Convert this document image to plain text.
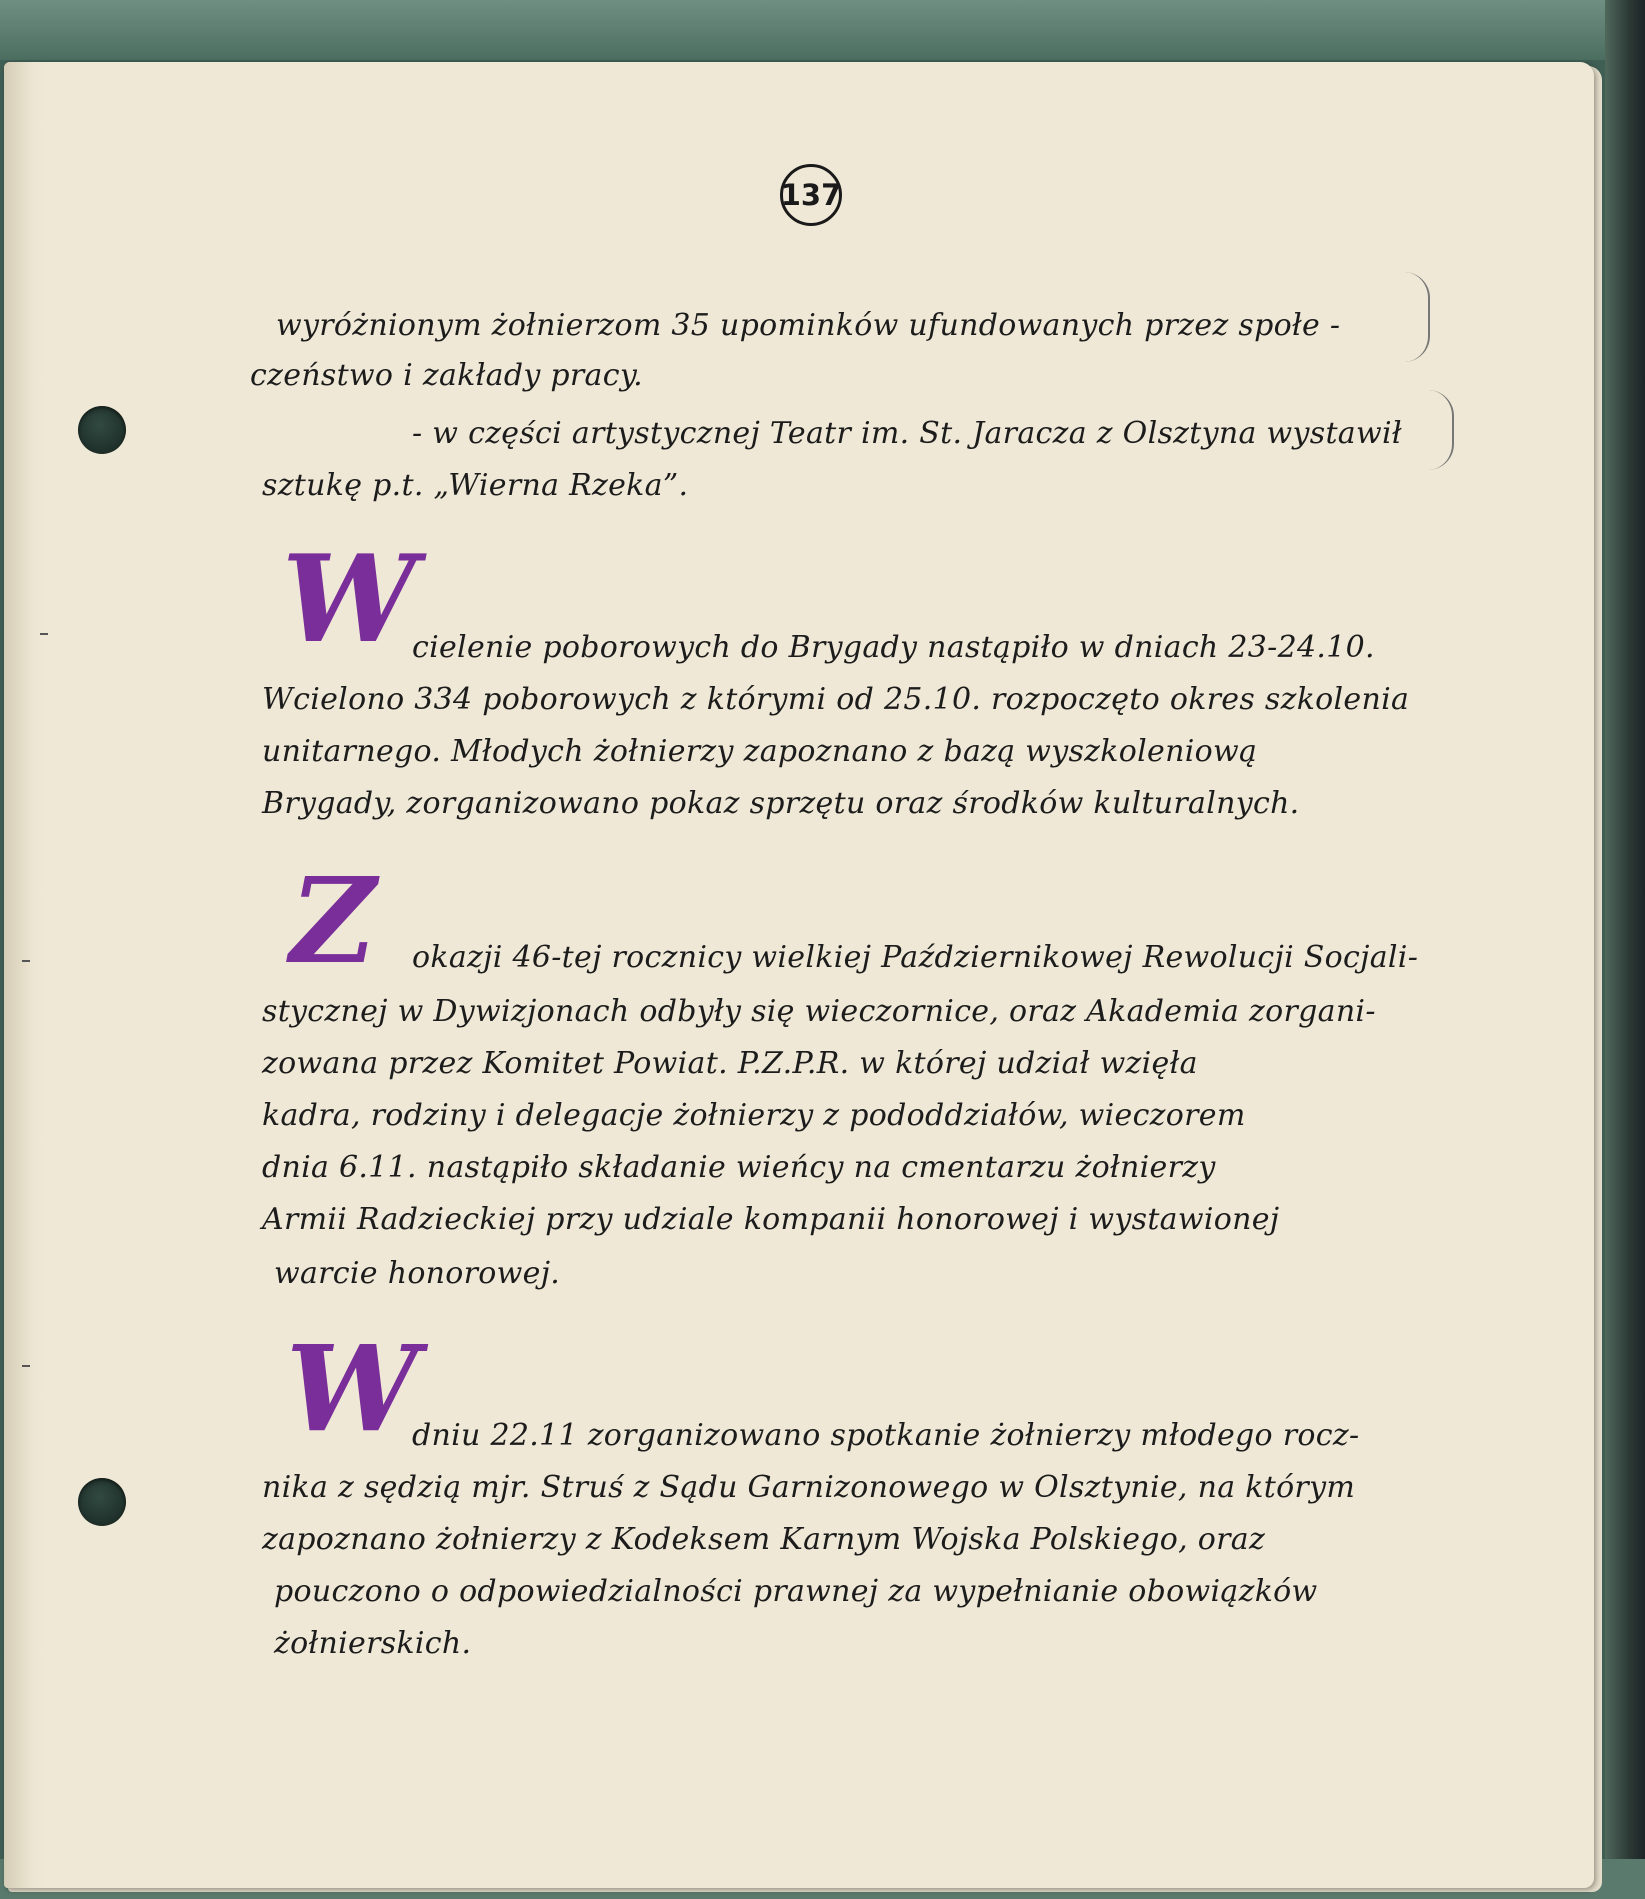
137
wyróżnionym żołnierzom 35 upominków ufundowanych przez społe -
czeństwo i zakłady pracy.
- w części artystycznej Teatr im. St. Jaracza z Olsztyna wystawił
sztukę p.t. „Wierna Rzeka”.
W
cielenie poborowych do Brygady nastąpiło w dniach 23-24.10.
Wcielono 334 poborowych z którymi od 25.10. rozpoczęto okres szkolenia
unitarnego. Młodych żołnierzy zapoznano z bazą wyszkoleniową
Brygady, zorganizowano pokaz sprzętu oraz środków kulturalnych.
Z okazji 46-tej rocznicy wielkiej Październikowej Rewolucji Socjali-
stycznej w Dywizjonach odbyły się wieczornice, oraz Akademia zorgani-
zowana przez Komitet Powiat. P.Z.P.R. w której udział wzięła
kadra, rodziny i delegacje żołnierzy z pododdziałów, wieczorem
dnia 6.11. nastąpiło składanie wieńcy na cmentarzu żołnierzy
Armii Radzieckiej przy udziale kompanii honorowej i wystawionej
warcie honorowej.
W
dniu 22.11 zorganizowano spotkanie żołnierzy młodego rocz-
nika z sędzią mjr. Struś z Sądu Garnizonowego w Olsztynie, na którym
zapoznano żołnierzy z Kodeksem Karnym Wojska Polskiego, oraz
pouczono o odpowiedzialności prawnej za wypełnianie obowiązków
żołnierskich.
